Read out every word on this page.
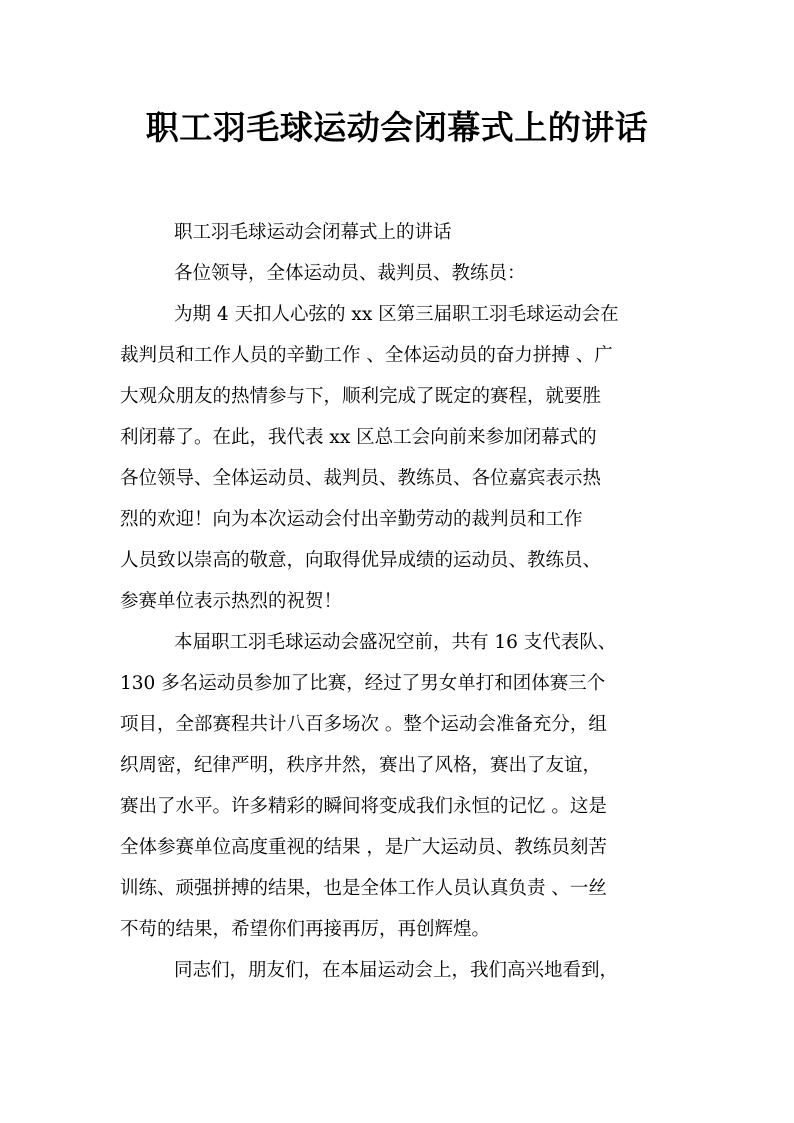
职工羽毛球运动会闭幕式上的讲话
职工羽毛球运动会闭幕式上的讲话
各位领导，全体运动员、裁判员、教练员：
为期 4 天扣人心弦的 xx 区第三届职工羽毛球运动会在
裁判员和工作人员的辛勤工作 、全体运动员的奋力拼搏 、广
大观众朋友的热情参与下，顺利完成了既定的赛程，就要胜
利闭幕了。在此，我代表 xx 区总工会向前来参加闭幕式的
各位领导、全体运动员、裁判员、教练员、各位嘉宾表示热
烈的欢迎！向为本次运动会付出辛勤劳动的裁判员和工作
人员致以崇高的敬意，向取得优异成绩的运动员、教练员、
参赛单位表示热烈的祝贺！
本届职工羽毛球运动会盛况空前，共有 16 支代表队、
130 多名运动员参加了比赛，经过了男女单打和团体赛三个
项目，全部赛程共计八百多场次 。整个运动会准备充分，组
织周密，纪律严明，秩序井然，赛出了风格，赛出了友谊，
赛出了水平。许多精彩的瞬间将变成我们永恒的记忆 。这是
全体参赛单位高度重视的结果 ，是广大运动员、教练员刻苦
训练、顽强拼搏的结果，也是全体工作人员认真负责 、一丝
不苟的结果，希望你们再接再厉，再创辉煌。
同志们，朋友们，在本届运动会上，我们高兴地看到，
